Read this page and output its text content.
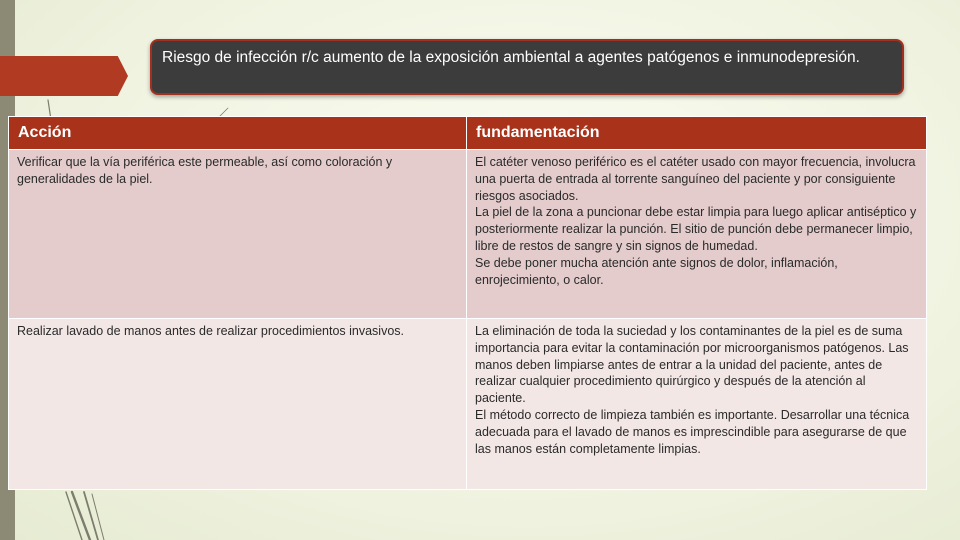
Riesgo de infección r/c aumento de la exposición ambiental a agentes patógenos e inmunodepresión.
Acción	fundamentación
Verificar que la vía periférica este permeable, así como coloración y generalidades de la piel.	El catéter venoso periférico es el catéter usado con mayor frecuencia, involucra una puerta de entrada al torrente sanguíneo del paciente y por consiguiente riesgos asociados.

La piel de la zona a puncionar debe estar limpia para luego aplicar antiséptico y posteriormente realizar la punción. El sitio de punción debe permanecer limpio, libre de restos de sangre y sin signos de humedad.

Se debe poner mucha atención ante signos de dolor, inflamación, enrojecimiento, o calor.

Realizar lavado de manos antes de realizar procedimientos invasivos.	La eliminación de toda la suciedad y los contaminantes de la piel es de suma importancia para evitar la contaminación por microorganismos patógenos. Las manos deben limpiarse antes de entrar a la unidad del paciente, antes de realizar cualquier procedimiento quirúrgico y después de la atención al paciente.

El método correcto de limpieza también es importante. Desarrollar una técnica adecuada para el lavado de manos es imprescindible para asegurarse de que las manos están completamente limpias.
